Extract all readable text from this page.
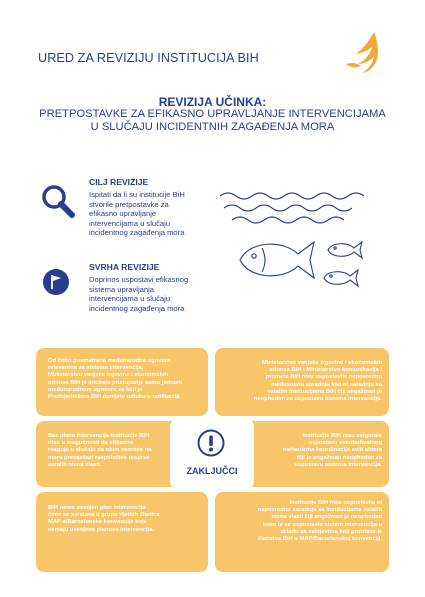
URED ZA REVIZIJU INSTITUCIJA BIH
REVIZIJA UČINKA:
PRETPOSTAVKE ZA EFIKASNO UPRAVLJANJE INTERVENCIJAMA
U SLUČAJU INCIDENTNIH ZAGAĐENJA MORA
CILJ REVIZIJE
Ispitati da li su institucije BiH
stvorile pretpostavke za
efikasno upravljanje
intervencijama u slučaju
incidentnog zagađenja mora
SVRHA REVIZIJE
Doprinos uspostavi efikasnog
sistema upravljanja
intervencijama u slučaju
incidentnog zagađenja mora
Od četiri posmatrana međunarodna ugovora
relevantna za sisteme intervencija,
Ministarstvo vanjske trgovine i ekonomskih
odnosa BiH je iniciralo pristupanje samo jednom
međunarodnom ugovoru za koji je
Predsjedništvo BiH donijelo odluku o ratifikaciji.
Ministarstvo vanjske trgovine i ekonomskih
odnosa BiH i Ministarstvo komunikacija i
prometa BiH nisu uspostavile neposrednu
međusobnu saradnju kao ni saradnju sa
ostalim institucijama BiH čiji angažman je
neophodan za uspostavu sistema intervencija.
Bez plana intervencija institucije BiH
nisu u mogućnosti da efikasno
reaguju u slučaju da obim nesreće na
moru prevazilazi raspoložive resurse
ostalih nivoa vlasti.
Institucije BiH nisu osigurale
uspostavu sveobuhvatnog
mehanizma koordinacije svih aktera
čiji je angažman neophodan za
uspostavu sistema intervencija.
BiH nema usvojen plan intervencija
čime se svrstava u grupu rijetkih članica
MAP-a/Barselonske konvencije koje
nemaju usvojene planove intervencija.
Institucije BiH nisu uspostavile ni
neposrednu saradnju sa institucijama ostalih
nivoa vlasti čiji angažman je neophodan
kako bi se uspostavio sistem intervencija u
skladu sa zahtjevima koji proizlaze iz
članstva BiH u MAP/Barselonskoj konvenciji.
ZAKLJUČCI
